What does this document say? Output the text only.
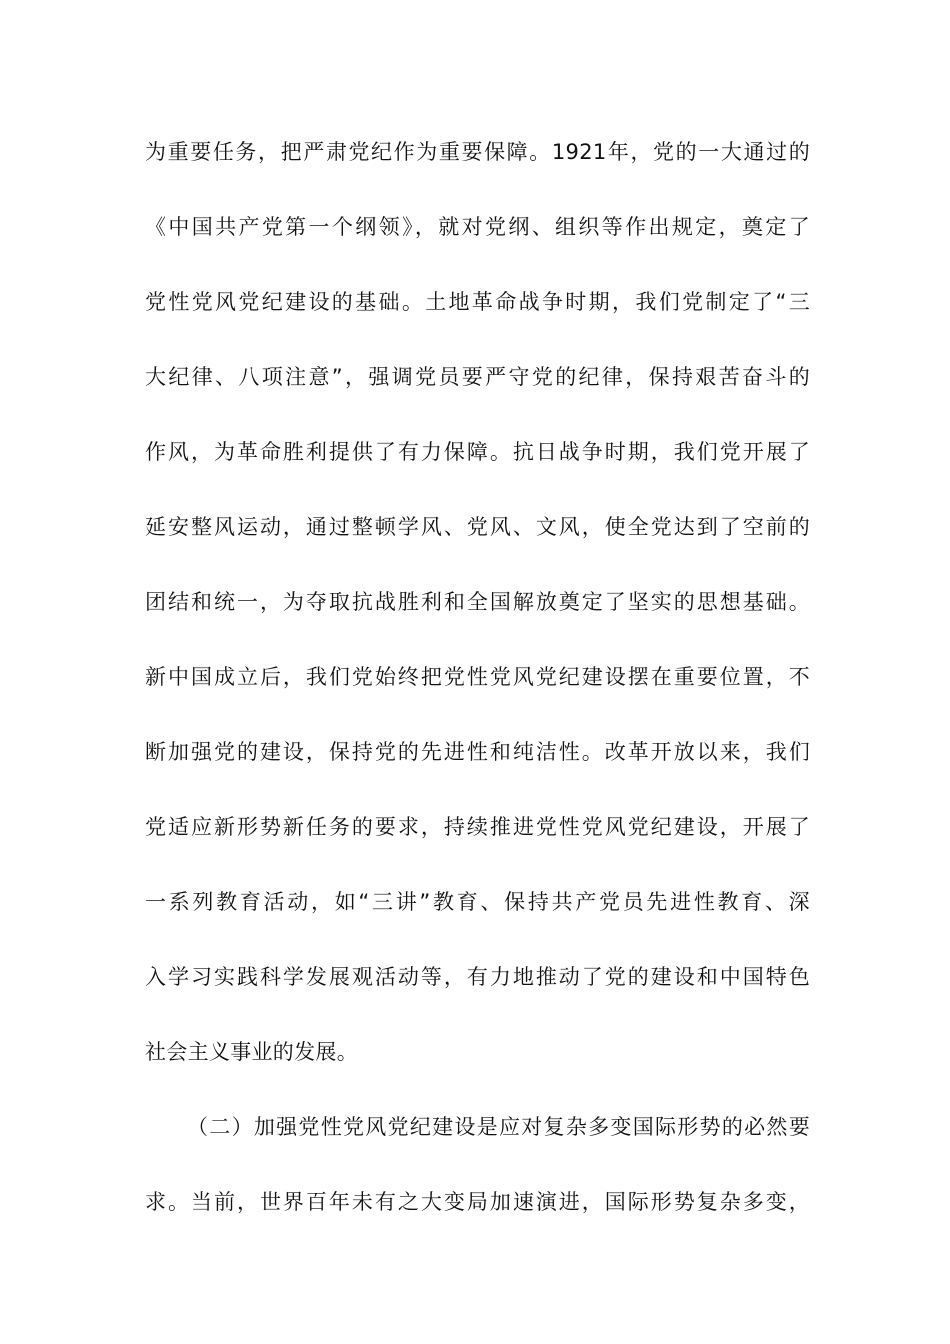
为重要任务，把严肃党纪作为重要保障。1921年，党的一大通过的
《中国共产党第一个纲领》，就对党纲、组织等作出规定，奠定了
党性党风党纪建设的基础。土地革命战争时期，我们党制定了“三
大纪律、八项注意”，强调党员要严守党的纪律，保持艰苦奋斗的
作风，为革命胜利提供了有力保障。抗日战争时期，我们党开展了
延安整风运动，通过整顿学风、党风、文风，使全党达到了空前的
团结和统一，为夺取抗战胜利和全国解放奠定了坚实的思想基础。
新中国成立后，我们党始终把党性党风党纪建设摆在重要位置，不
断加强党的建设，保持党的先进性和纯洁性。改革开放以来，我们
党适应新形势新任务的要求，持续推进党性党风党纪建设，开展了
一系列教育活动，如“三讲”教育、保持共产党员先进性教育、深
入学习实践科学发展观活动等，有力地推动了党的建设和中国特色
社会主义事业的发展。
（二）加强党性党风党纪建设是应对复杂多变国际形势的必然要
求。当前，世界百年未有之大变局加速演进，国际形势复杂多变，
